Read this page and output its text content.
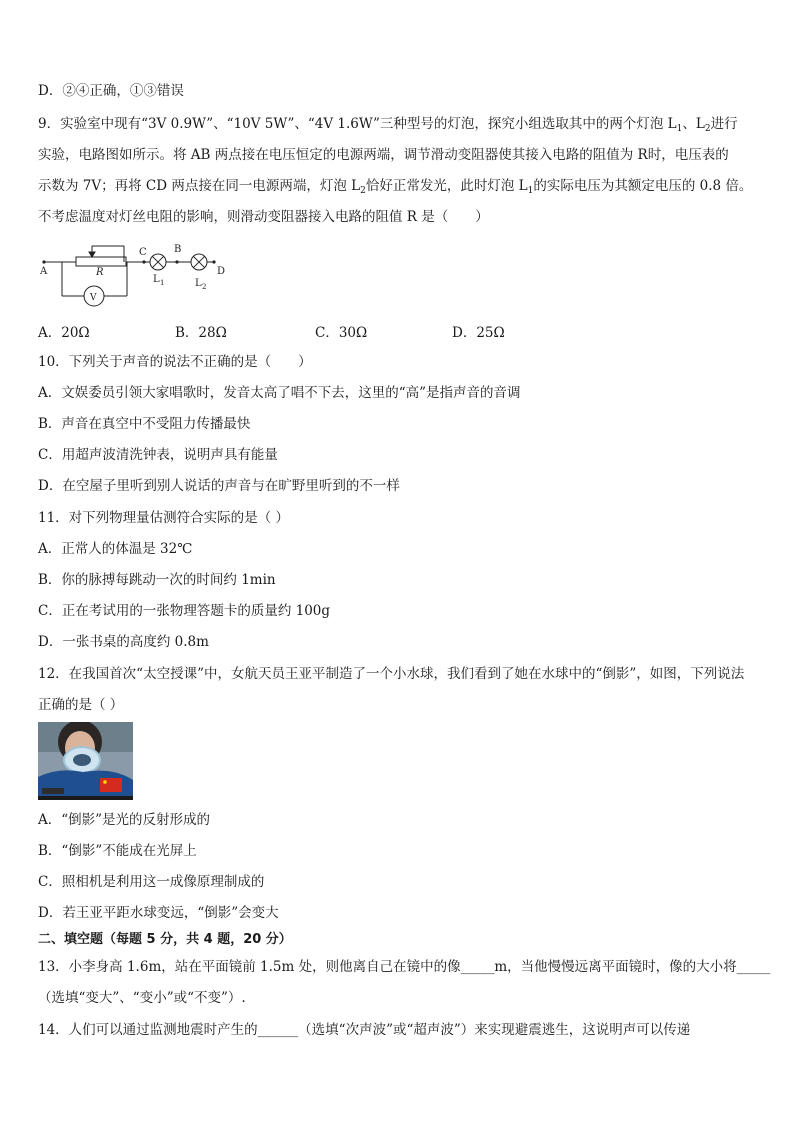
D．②④正确，①③错误
9．实验室中现有“3V 0.9W”、“10V 5W”、“4V 1.6W”三种型号的灯泡，探究小组选取其中的两个灯泡 $L_1$、$L_2$进行
实验，电路图如所示。将 AB 两点接在电压恒定的电源两端，调节滑动变阻器使其接入电路的阻值为 R时，电压表的
示数为 7V；再将 CD 两点接在同一电源两端，灯泡 $L_2$恰好正常发光，此时灯泡 $L_1$的实际电压为其额定电压的 0.8 倍。
不考虑温度对灯丝电阻的影响，则滑动变阻器接入电路的阻值 R 是（　　）
A	R
C	B
D
V
L 1	L 2
A．20Ω	B．28Ω	C．30Ω	D．25Ω
10．下列关于声音的说法不正确的是（　　）
A．文娱委员引领大家唱歌时，发音太高了唱不下去，这里的“高”是指声音的音调
B．声音在真空中不受阻力传播最快
C．用超声波清洗钟表，说明声具有能量
D．在空屋子里听到别人说话的声音与在旷野里听到的不一样
11．对下列物理量估测符合实际的是（ ）
A．正常人的体温是 32℃
B．你的脉搏每跳动一次的时间约 1min
C．正在考试用的一张物理答题卡的质量约 100g
D．一张书桌的高度约 0.8m
12．在我国首次“太空授课”中，女航天员王亚平制造了一个小水球，我们看到了她在水球中的“倒影”，如图，下列说法
正确的是（ ）
A．“倒影”是光的反射形成的
B．“倒影”不能成在光屏上
C．照相机是利用这一成像原理制成的
D．若王亚平距水球变远，“倒影”会变大
二、填空题（每题 5 分，共 4 题，20 分）
13．小李身高 1.6m，站在平面镜前 1.5m 处，则他离自己在镜中的像_____m，当他慢慢远离平面镜时，像的大小将_____
（选填“变大”、“变小”或“不变”）.
14．人们可以通过监测地震时产生的______（选填“次声波”或“超声波”）来实现避震逃生，这说明声可以传递
